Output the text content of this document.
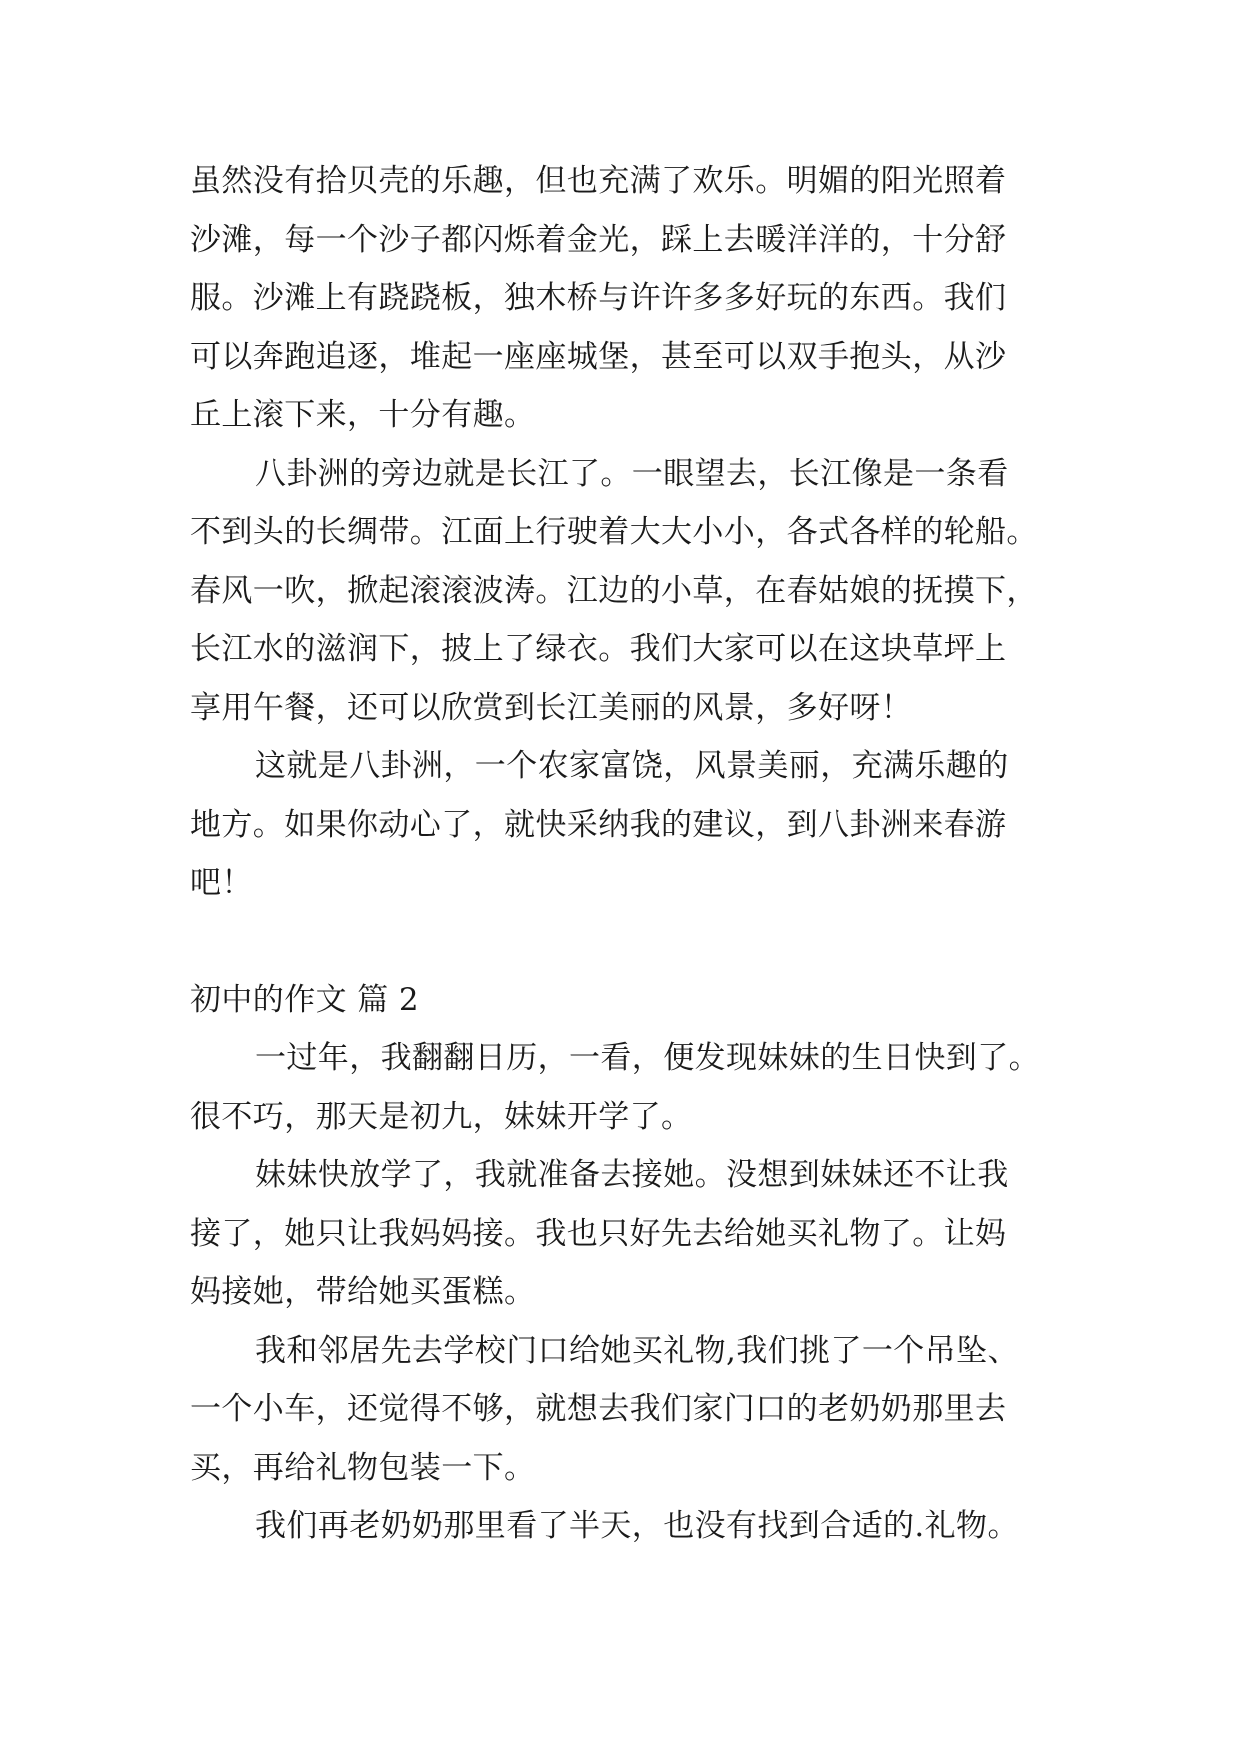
虽然没有拾贝壳的乐趣，但也充满了欢乐。明媚的阳光照着
沙滩，每一个沙子都闪烁着金光，踩上去暖洋洋的，十分舒
服。沙滩上有跷跷板，独木桥与许许多多好玩的东西。我们
可以奔跑追逐，堆起一座座城堡，甚至可以双手抱头，从沙
丘上滚下来，十分有趣。
八卦洲的旁边就是长江了。一眼望去，长江像是一条看
不到头的长绸带。江面上行驶着大大小小，各式各样的轮船。
春风一吹，掀起滚滚波涛。江边的小草，在春姑娘的抚摸下，
长江水的滋润下，披上了绿衣。我们大家可以在这块草坪上
享用午餐，还可以欣赏到长江美丽的风景，多好呀！
这就是八卦洲，一个农家富饶，风景美丽，充满乐趣的
地方。如果你动心了，就快采纳我的建议，到八卦洲来春游
吧！
初中的作文 篇 2
一过年，我翻翻日历，一看，便发现妹妹的生日快到了。
很不巧，那天是初九，妹妹开学了。
妹妹快放学了，我就准备去接她。没想到妹妹还不让我
接了，她只让我妈妈接。我也只好先去给她买礼物了。让妈
妈接她，带给她买蛋糕。
我和邻居先去学校门口给她买礼物,我们挑了一个吊坠、
一个小车，还觉得不够，就想去我们家门口的老奶奶那里去
买，再给礼物包装一下。
我们再老奶奶那里看了半天，也没有找到合适的.礼物。
